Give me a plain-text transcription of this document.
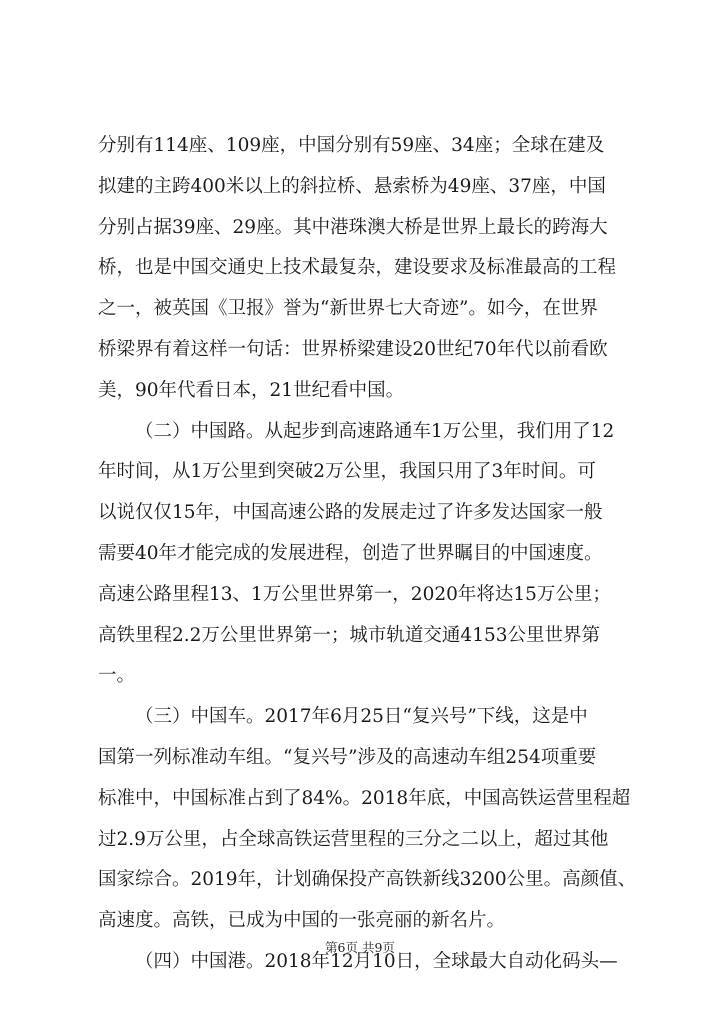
分别有114座、109座，中国分别有59座、34座；全球在建及
拟建的主跨400米以上的斜拉桥、悬索桥为49座、37座，中国
分别占据39座、29座。其中港珠澳大桥是世界上最长的跨海大
桥，也是中国交通史上技术最复杂，建设要求及标准最高的工程
之一，被英国《卫报》誉为“新世界七大奇迹”。如今，在世界
桥梁界有着这样一句话：世界桥梁建设20世纪70年代以前看欧
美，90年代看日本，21世纪看中国。
（二）中国路。从起步到高速路通车1万公里，我们用了12
年时间，从1万公里到突破2万公里，我国只用了3年时间。可
以说仅仅15年，中国高速公路的发展走过了许多发达国家一般
需要40年才能完成的发展进程，创造了世界瞩目的中国速度。
高速公路里程13、1万公里世界第一，2020年将达15万公里；
高铁里程2.2万公里世界第一；城市轨道交通4153公里世界第
一。
（三）中国车。2017年6月25日“复兴号”下线，这是中
国第一列标准动车组。“复兴号”涉及的高速动车组254项重要
标准中，中国标准占到了84%。2018年底，中国高铁运营里程超
过2.9万公里，占全球高铁运营里程的三分之二以上，超过其他
国家综合。2019年，计划确保投产高铁新线3200公里。高颜值、
高速度。高铁，已成为中国的一张亮丽的新名片。
（四）中国港。2018年12月10日，全球最大自动化码头—
第6页 共9页
